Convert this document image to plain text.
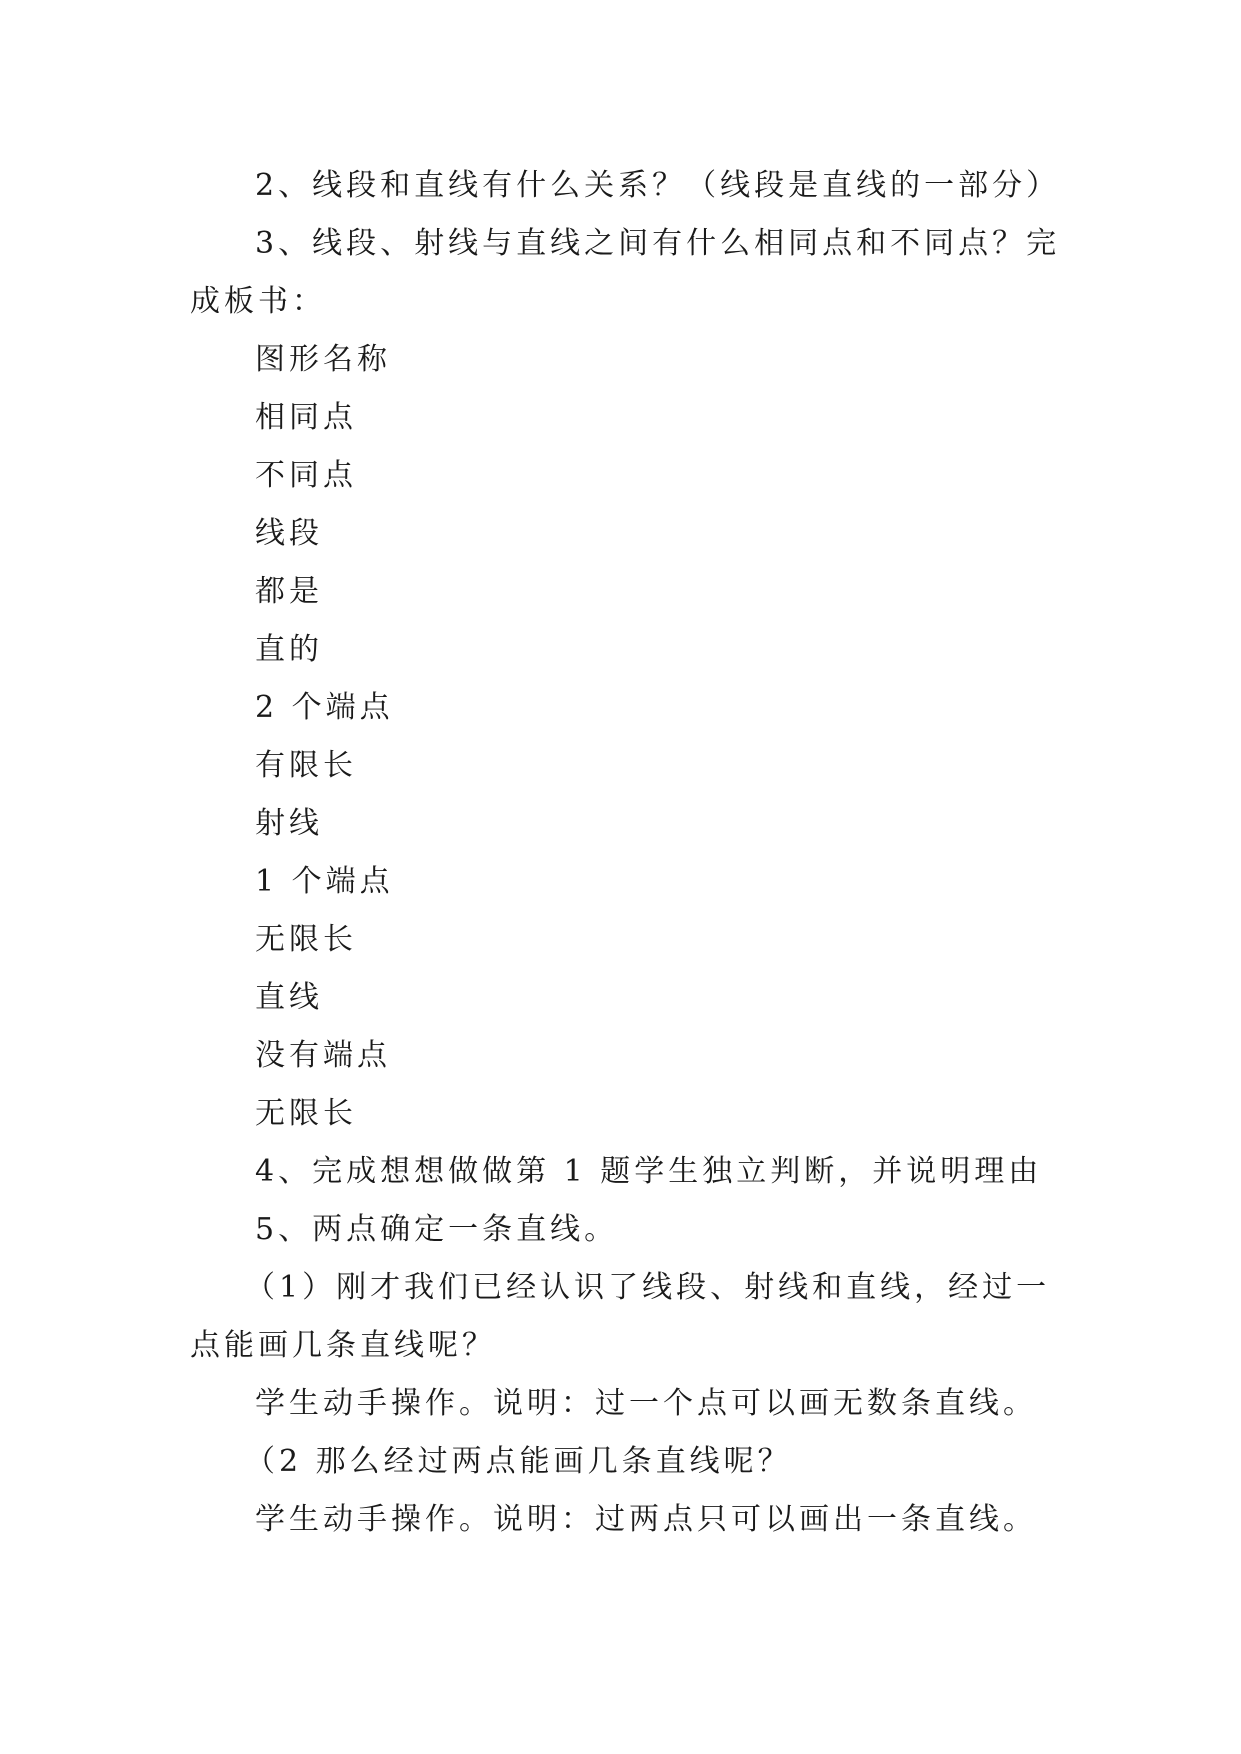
2、线段和直线有什么关系？（线段是直线的一部分）
3、线段、射线与直线之间有什么相同点和不同点？完
成板书：
图形名称
相同点
不同点
线段
都是
直的
2 个端点
有限长
射线
1 个端点
无限长
直线
没有端点
无限长
4、完成想想做做第 1 题学生独立判断，并说明理由
5、两点确定一条直线。
（1）刚才我们已经认识了线段、射线和直线，经过一
点能画几条直线呢？
学生动手操作。说明：过一个点可以画无数条直线。
（2 那么经过两点能画几条直线呢？
学生动手操作。说明：过两点只可以画出一条直线。
